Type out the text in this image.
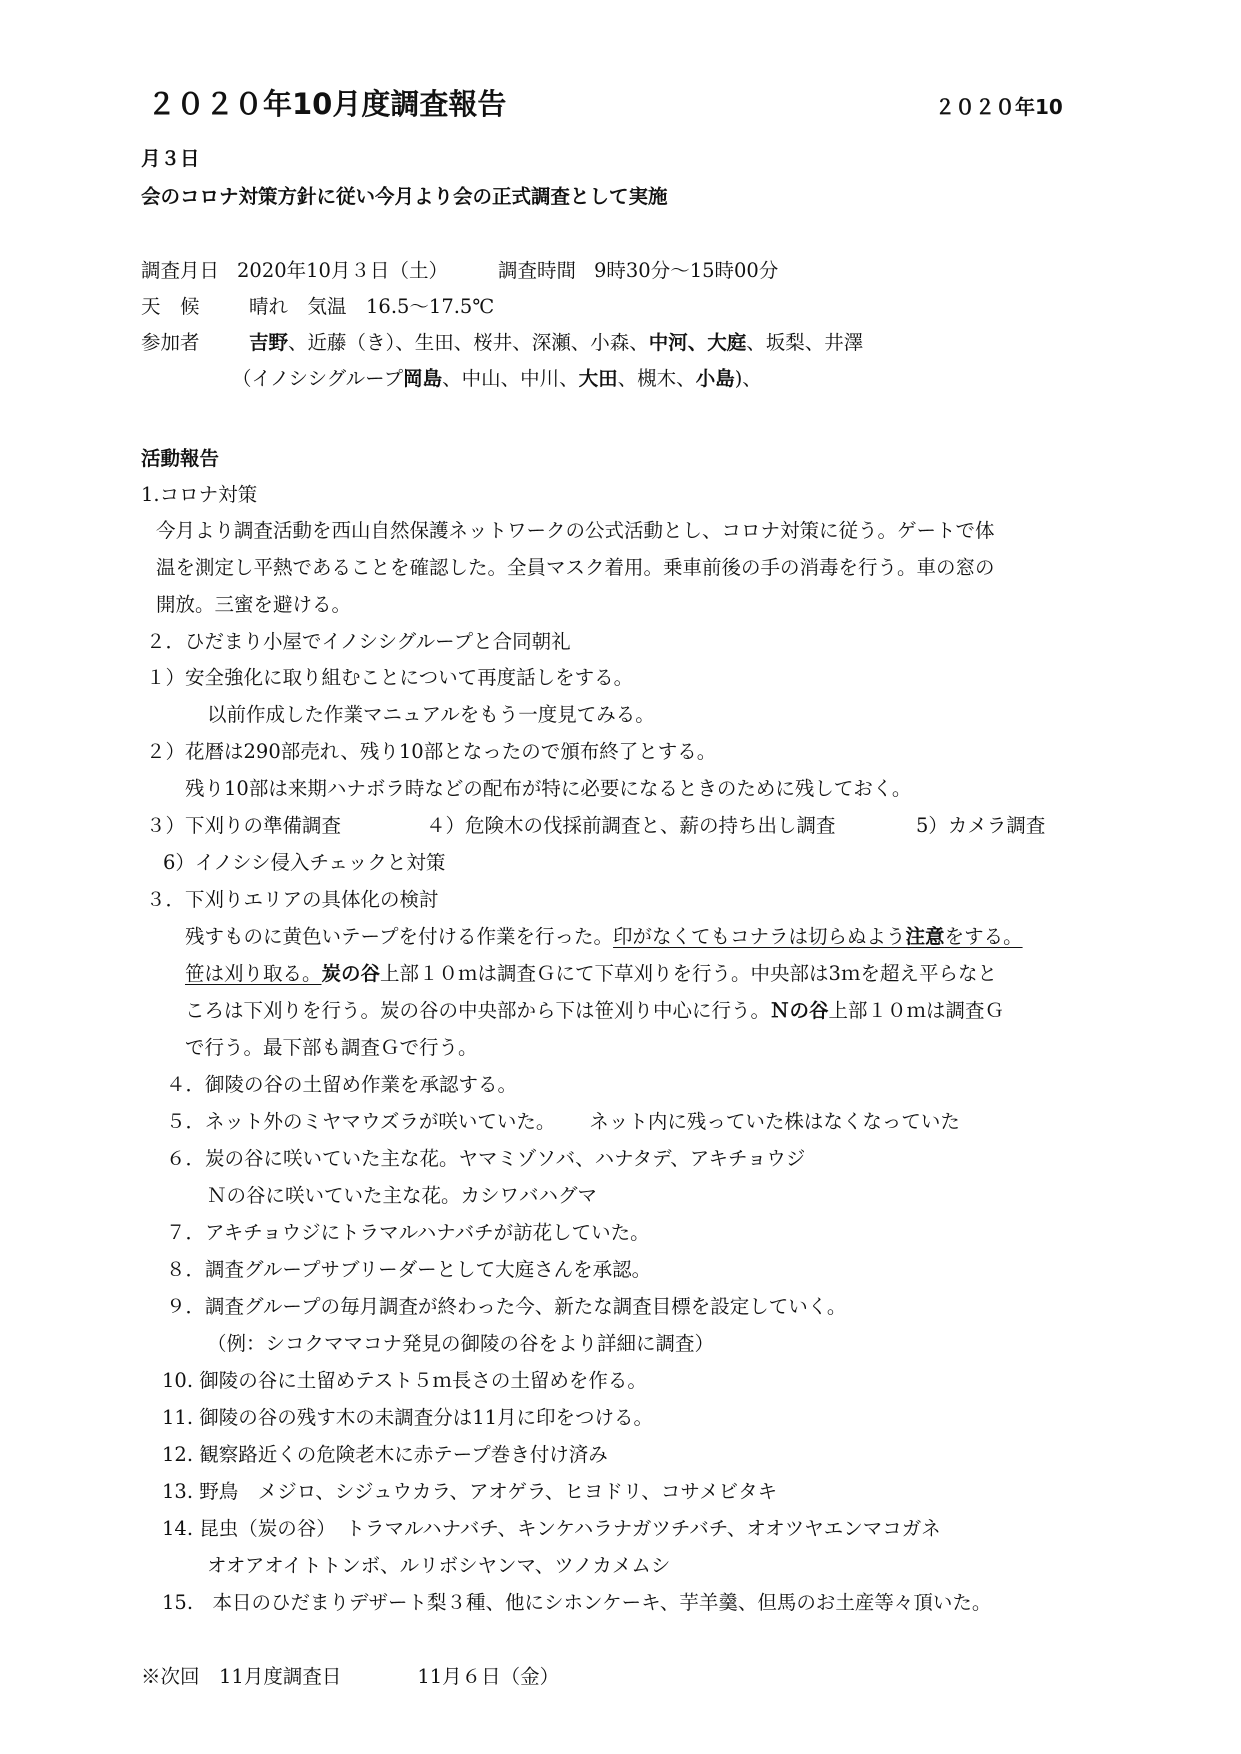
２０２０年10月度調査報告	２０２０年10
月３日
会のコロナ対策方針に従い今月より会の正式調査として実施
調査月日 2020年10月３日（土）	調査時間 9時30分～15時00分
天　候	晴れ　気温　16.5～17.5℃
参加者	吉野、近藤（き）、生田、桜井、深瀬、小森、中河、大庭、坂梨、井澤
（イノシシグループ岡島、中山、中川、大田、槻木、小島)、
活動報告
1.コロナ対策
今月より調査活動を西山自然保護ネットワークの公式活動とし、コロナ対策に従う。ゲートで体
温を測定し平熱であることを確認した。全員マスク着用。乗車前後の手の消毒を行う。車の窓の
開放。三蜜を避ける。
２．ひだまり小屋でイノシシグループと合同朝礼
１）安全強化に取り組むことについて再度話しをする。
以前作成した作業マニュアルをもう一度見てみる。
２）花暦は290部売れ、残り10部となったので頒布終了とする。
残り10部は来期ハナボラ時などの配布が特に必要になるときのために残しておく。
３）下刈りの準備調査	４）危険木の伐採前調査と、薪の持ち出し調査	5）カメラ調査
6）イノシシ侵入チェックと対策
３．下刈りエリアの具体化の検討
残すものに黄色いテープを付ける作業を行った。印がなくてもコナラは切らぬよう注意をする。
笹は刈り取る。炭の谷上部１０ｍは調査Ｇにて下草刈りを行う。中央部は3ｍを超え平らなと
ころは下刈りを行う。炭の谷の中央部から下は笹刈り中心に行う。Ｎの谷上部１０ｍは調査Ｇ
で行う。最下部も調査Ｇで行う。
４．御陵の谷の土留め作業を承認する。
５．ネット外のミヤマウズラが咲いていた。 ネット内に残っていた株はなくなっていた
６．炭の谷に咲いていた主な花。ヤマミゾソバ、ハナタデ、アキチョウジ
Ｎの谷に咲いていた主な花。カシワバハグマ
７．アキチョウジにトラマルハナバチが訪花していた。
８．調査グループサブリーダーとして大庭さんを承認。
９．調査グループの毎月調査が終わった今、新たな調査目標を設定していく。
（例：シコクママコナ発見の御陵の谷をより詳細に調査）
10. 御陵の谷に土留めテスト５ｍ長さの土留めを作る。
11. 御陵の谷の残す木の未調査分は11月に印をつける。
12. 観察路近くの危険老木に赤テープ巻き付け済み
13. 野鳥　メジロ、シジュウカラ、アオゲラ、ヒヨドリ、コサメビタキ
14. 昆虫（炭の谷）　トラマルハナバチ、キンケハラナガツチバチ、オオツヤエンマコガネ
オオアオイトトンボ、ルリボシヤンマ、ツノカメムシ
15.　本日のひだまりデザート梨３種、他にシホンケーキ、芋羊羹、但馬のお土産等々頂いた。
※次回　11月度調査日	11月６日（金）
